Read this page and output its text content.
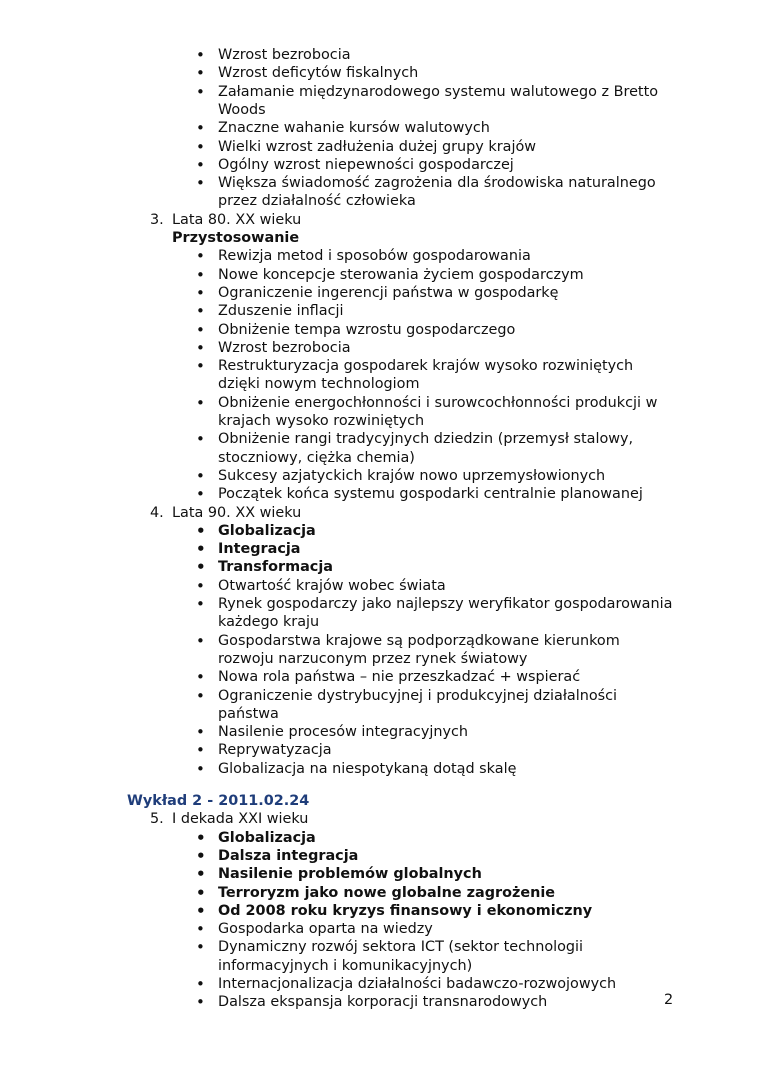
2
• Wzrost bezrobocia
• Wzrost deficytów fiskalnych
• Załamanie międzynarodowego systemu walutowego z Bretto
Woods
• Znaczne wahanie kursów walutowych
• Wielki wzrost zadłużenia dużej grupy krajów
• Ogólny wzrost niepewności gospodarczej
• Większa świadomość zagrożenia dla środowiska naturalnego
przez działalność człowieka
3. Lata 80. XX wieku
Przystosowanie
• Rewizja metod i sposobów gospodarowania
• Nowe koncepcje sterowania życiem gospodarczym
• Ograniczenie ingerencji państwa w gospodarkę
• Zduszenie inflacji
• Obniżenie tempa wzrostu gospodarczego
• Wzrost bezrobocia
• Restrukturyzacja gospodarek krajów wysoko rozwiniętych
dzięki nowym technologiom
• Obniżenie energochłonności i surowcochłonności produkcji w
krajach wysoko rozwiniętych
• Obniżenie rangi tradycyjnych dziedzin (przemysł stalowy,
stoczniowy, ciężka chemia)
• Sukcesy azjatyckich krajów nowo uprzemysłowionych
• Początek końca systemu gospodarki centralnie planowanej
4. Lata 90. XX wieku
• Globalizacja
• Integracja
• Transformacja
• Otwartość krajów wobec świata
• Rynek gospodarczy jako najlepszy weryfikator gospodarowania
każdego kraju
• Gospodarstwa krajowe są podporządkowane kierunkom
rozwoju narzuconym przez rynek światowy
• Nowa rola państwa – nie przeszkadzać + wspierać
• Ograniczenie dystrybucyjnej i produkcyjnej działalności
państwa
• Nasilenie procesów integracyjnych
• Reprywatyzacja
• Globalizacja na niespotykaną dotąd skalę
Wykład 2 - 2011.02.24
5. I dekada XXI wieku
• Globalizacja
• Dalsza integracja
• Nasilenie problemów globalnych
• Terroryzm jako nowe globalne zagrożenie
• Od 2008 roku kryzys finansowy i ekonomiczny
• Gospodarka oparta na wiedzy
• Dynamiczny rozwój sektora ICT (sektor technologii
informacyjnych i komunikacyjnych)
• Internacjonalizacja działalności badawczo-rozwojowych
• Dalsza ekspansja korporacji transnarodowych
